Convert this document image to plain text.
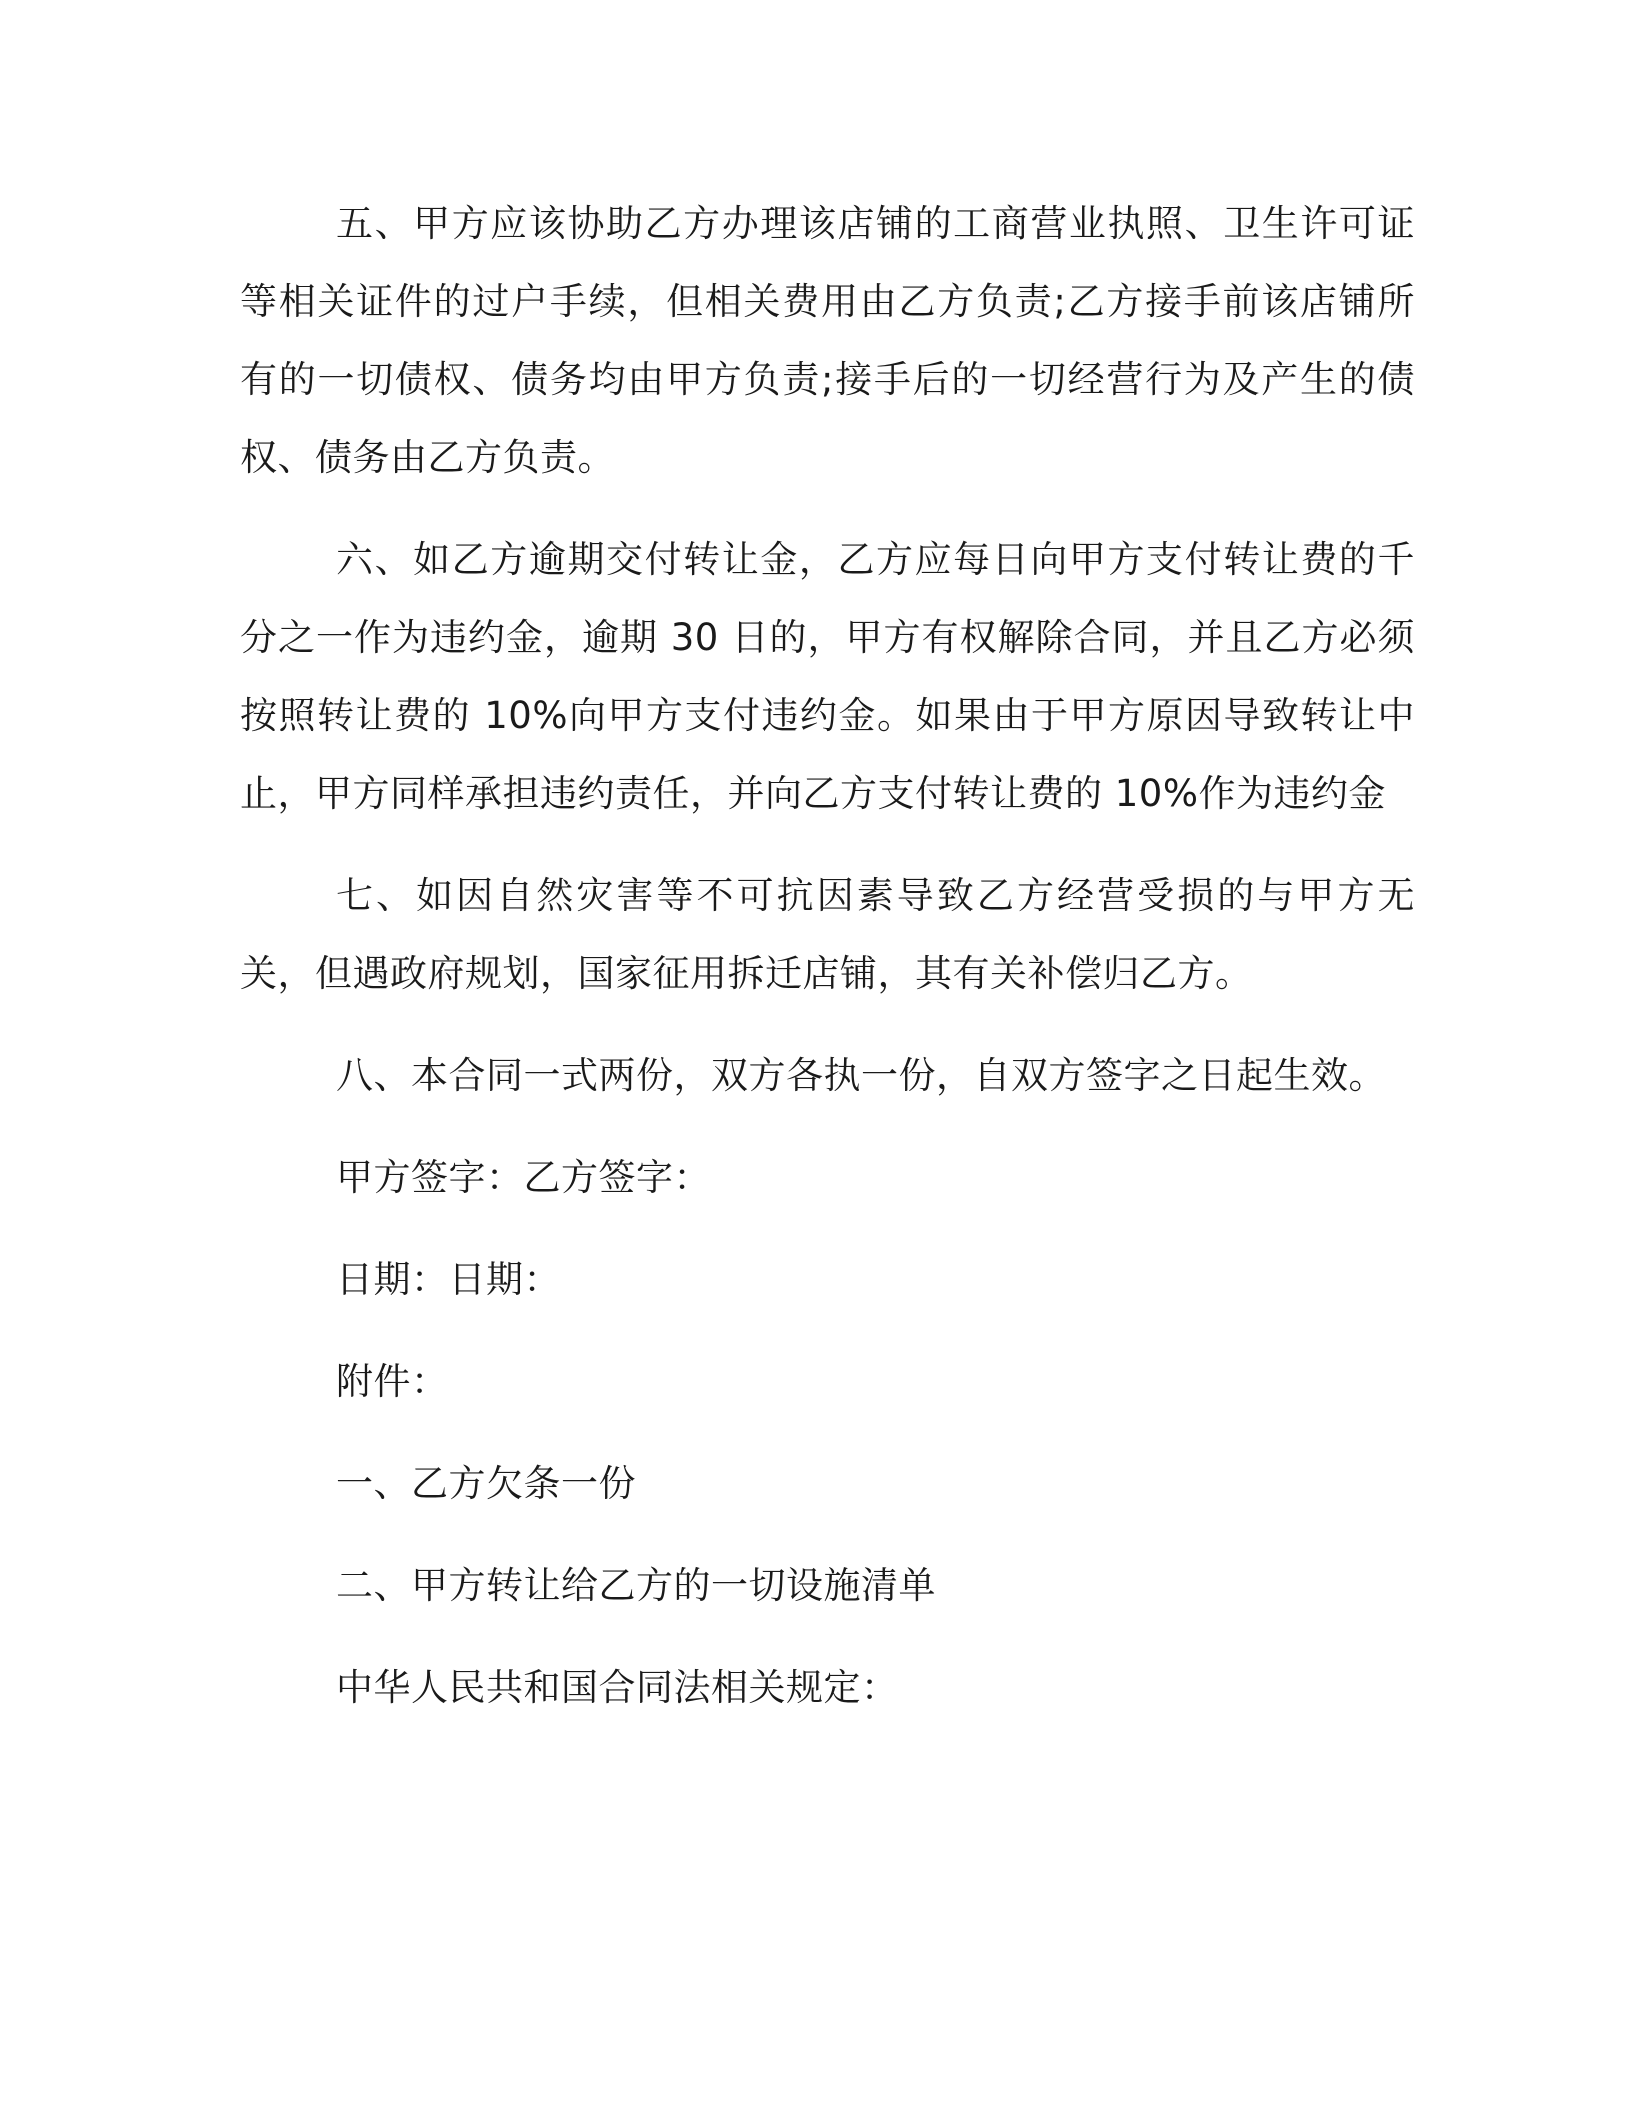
五、甲方应该协助乙方办理该店铺的工商营业执照、卫生许可证等相关证件的过户手续，但相关费用由乙方负责;乙方接手前该店铺所有的一切债权、债务均由甲方负责;接手后的一切经营行为及产生的债权、债务由乙方负责。

六、如乙方逾期交付转让金，乙方应每日向甲方支付转让费的千分之一作为违约金，逾期 30 日的，甲方有权解除合同，并且乙方必须按照转让费的 10%向甲方支付违约金。如果由于甲方原因导致转让中止，甲方同样承担违约责任，并向乙方支付转让费的 10%作为违约金

七、如因自然灾害等不可抗因素导致乙方经营受损的与甲方无关，但遇政府规划，国家征用拆迁店铺，其有关补偿归乙方。

八、本合同一式两份，双方各执一份，自双方签字之日起生效。

甲方签字：乙方签字：

日期：日期：

附件：

一、乙方欠条一份

二、甲方转让给乙方的一切设施清单

中华人民共和国合同法相关规定：
